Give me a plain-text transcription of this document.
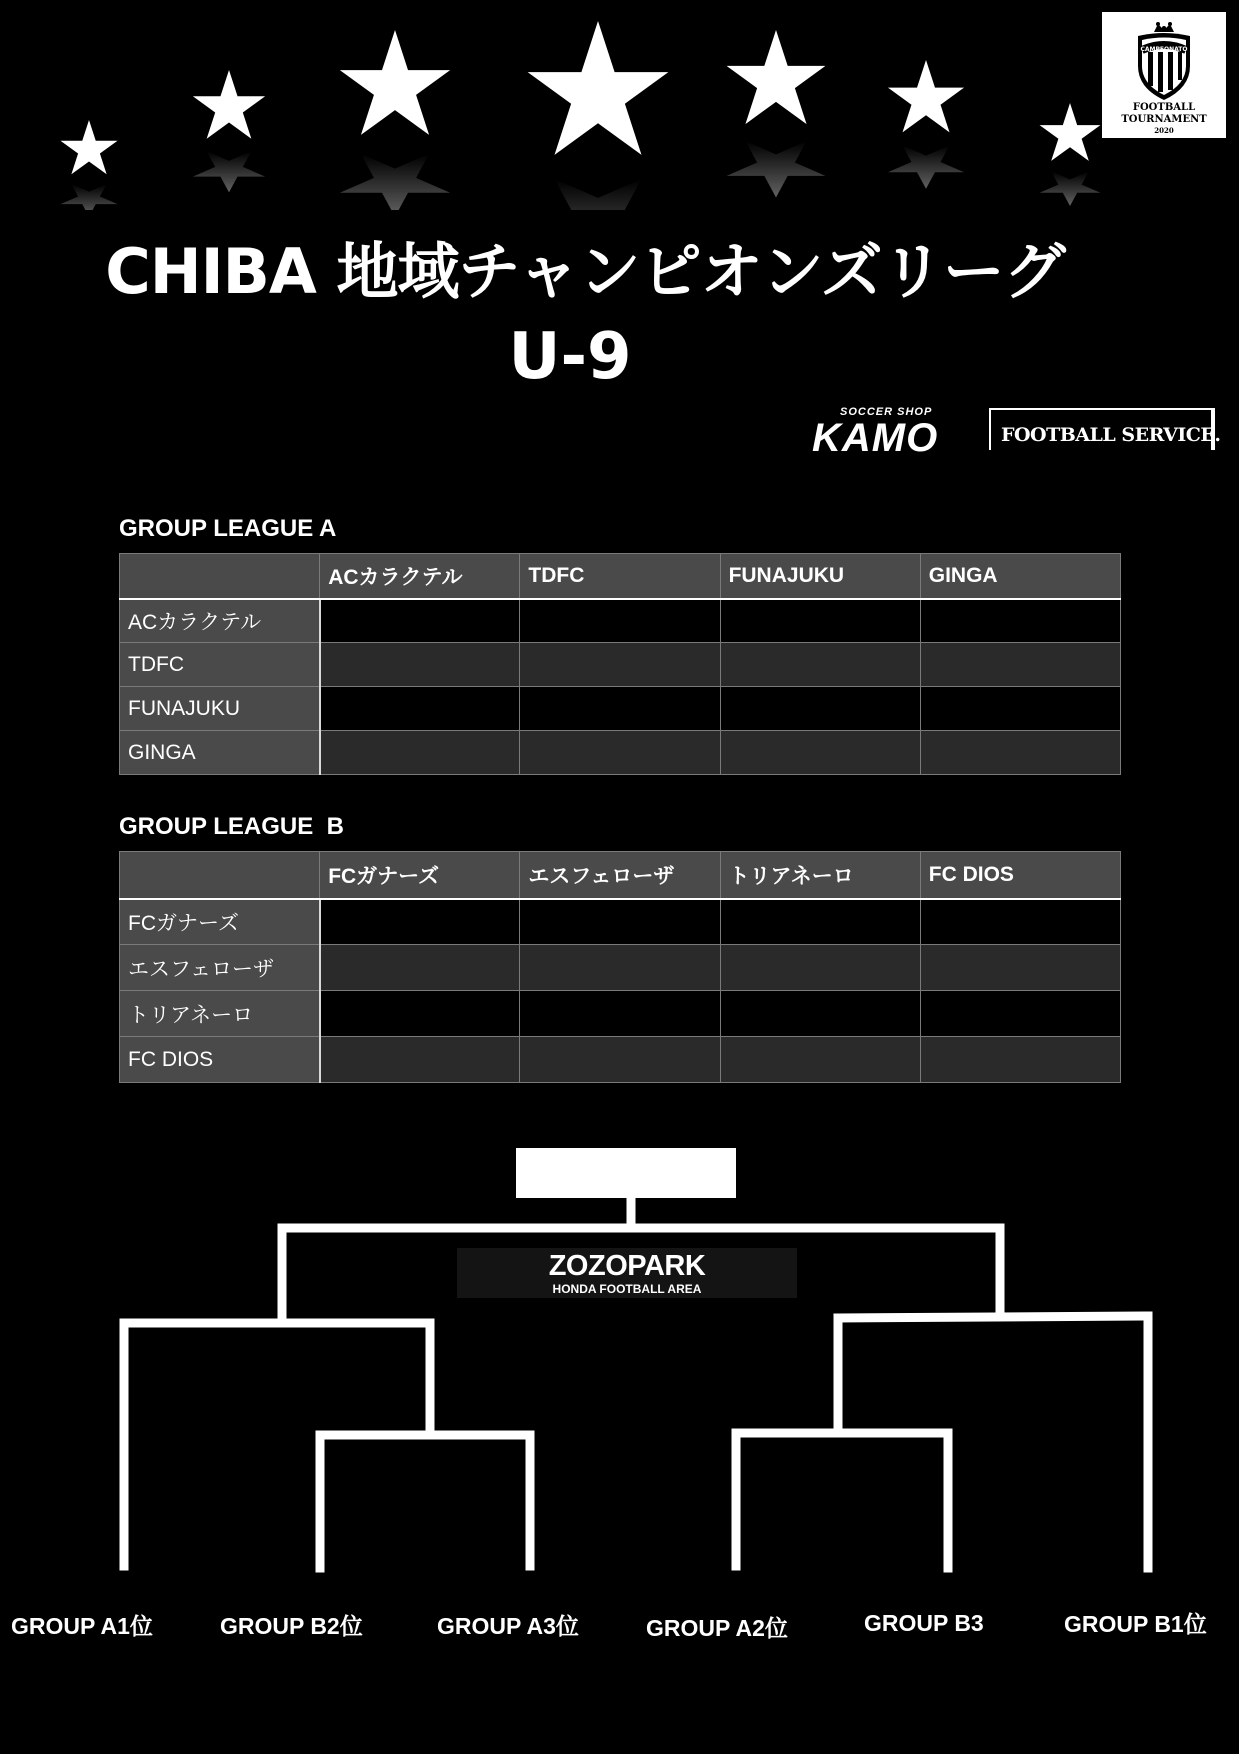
CAMPEONATO
FOOTBALL
TOURNAMENT
2020
CHIBA 地域チャンピオンズリーグ
U-9
SOCCER SHOP
KAMO	FOOTBALL SERVICE.
GROUP LEAGUE A
	ACカラクテル	TDFC	FUNAJUKU	GINGA
ACカラクテル				
TDFC				
FUNAJUKU				
GINGA				
GROUP LEAGUE  B
	FCガナーズ	エスフェローザ	トリアネーロ	FC DIOS
FCガナーズ				
エスフェローザ				
トリアネーロ				
FC DIOS				
ZOZOPARK
HONDA FOOTBALL AREA
GROUP A1位	GROUP B2位	GROUP A3位	GROUP A2位	GROUP B3	GROUP B1位
